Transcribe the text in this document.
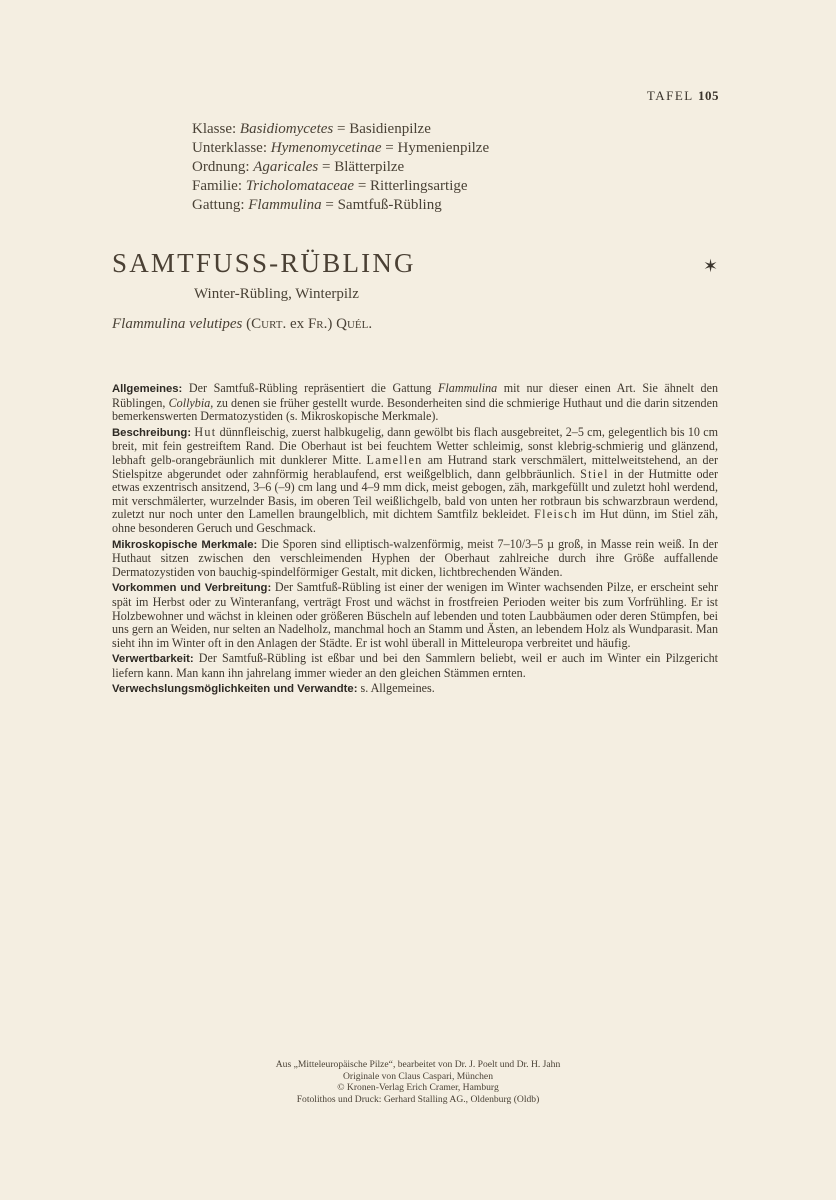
TAFEL 105
Klasse: Basidiomycetes = Basidienpilze
Unterklasse: Hymenomycetinae = Hymenienpilze
Ordnung: Agaricales = Blätterpilze
Familie: Tricholomataceae = Ritterlingsartige
Gattung: Flammulina = Samtfuß-Rübling
SAMTFUSS-RÜBLING	✶
Winter-Rübling, Winterpilz
Flammulina velutipes (Curt. ex Fr.) Quél.

Allgemeines: Der Samtfuß-Rübling repräsentiert die Gattung Flammulina mit nur dieser einen Art. Sie ähnelt den Rüblingen, Collybia, zu denen sie früher gestellt wurde. Besonderheiten sind die schmierige Huthaut und die darin sitzenden bemerkenswerten Dermatozystiden (s. Mikroskopische Merkmale).

Beschreibung: Hut dünnfleischig, zuerst halbkugelig, dann gewölbt bis flach ausgebreitet, 2–5 cm, gelegentlich bis 10 cm breit, mit fein gestreiftem Rand. Die Oberhaut ist bei feuchtem Wetter schleimig, sonst klebrig-schmierig und glänzend, lebhaft gelb-orangebräunlich mit dunklerer Mitte. Lamellen am Hutrand stark verschmälert, mittelweitstehend, an der Stielspitze abgerundet oder zahnförmig herablaufend, erst weißgelblich, dann gelbbräunlich. Stiel in der Hutmitte oder etwas exzentrisch ansitzend, 3–6 (–9) cm lang und 4–9 mm dick, meist gebogen, zäh, markgefüllt und zuletzt hohl werdend, mit verschmälerter, wurzelnder Basis, im oberen Teil weißlichgelb, bald von unten her rotbraun bis schwarzbraun werdend, zuletzt nur noch unter den Lamellen braungelblich, mit dichtem Samtfilz bekleidet. Fleisch im Hut dünn, im Stiel zäh, ohne besonderen Geruch und Geschmack.

Mikroskopische Merkmale: Die Sporen sind elliptisch-walzenförmig, meist 7–10/3–5 µ groß, in Masse rein weiß. In der Huthaut sitzen zwischen den verschleimenden Hyphen der Oberhaut zahlreiche durch ihre Größe auffallende Dermatozystiden von bauchig-spindelförmiger Gestalt, mit dicken, lichtbrechenden Wänden.

Vorkommen und Verbreitung: Der Samtfuß-Rübling ist einer der wenigen im Winter wachsenden Pilze, er erscheint sehr spät im Herbst oder zu Winteranfang, verträgt Frost und wächst in frostfreien Perioden weiter bis zum Vorfrühling. Er ist Holzbewohner und wächst in kleinen oder größeren Büscheln auf lebenden und toten Laubbäumen oder deren Stümpfen, bei uns gern an Weiden, nur selten an Nadelholz, manchmal hoch an Stamm und Ästen, an lebendem Holz als Wundparasit. Man sieht ihn im Winter oft in den Anlagen der Städte. Er ist wohl überall in Mitteleuropa verbreitet und häufig.

Verwertbarkeit: Der Samtfuß-Rübling ist eßbar und bei den Sammlern beliebt, weil er auch im Winter ein Pilzgericht liefern kann. Man kann ihn jahrelang immer wieder an den gleichen Stämmen ernten.

Verwechslungsmöglichkeiten und Verwandte: s. Allgemeines.

Aus „Mitteleuropäische Pilze“, bearbeitet von Dr. J. Poelt und Dr. H. Jahn
Originale von Claus Caspari, München
© Kronen-Verlag Erich Cramer, Hamburg
Fotolithos und Druck: Gerhard Stalling AG., Oldenburg (Oldb)
